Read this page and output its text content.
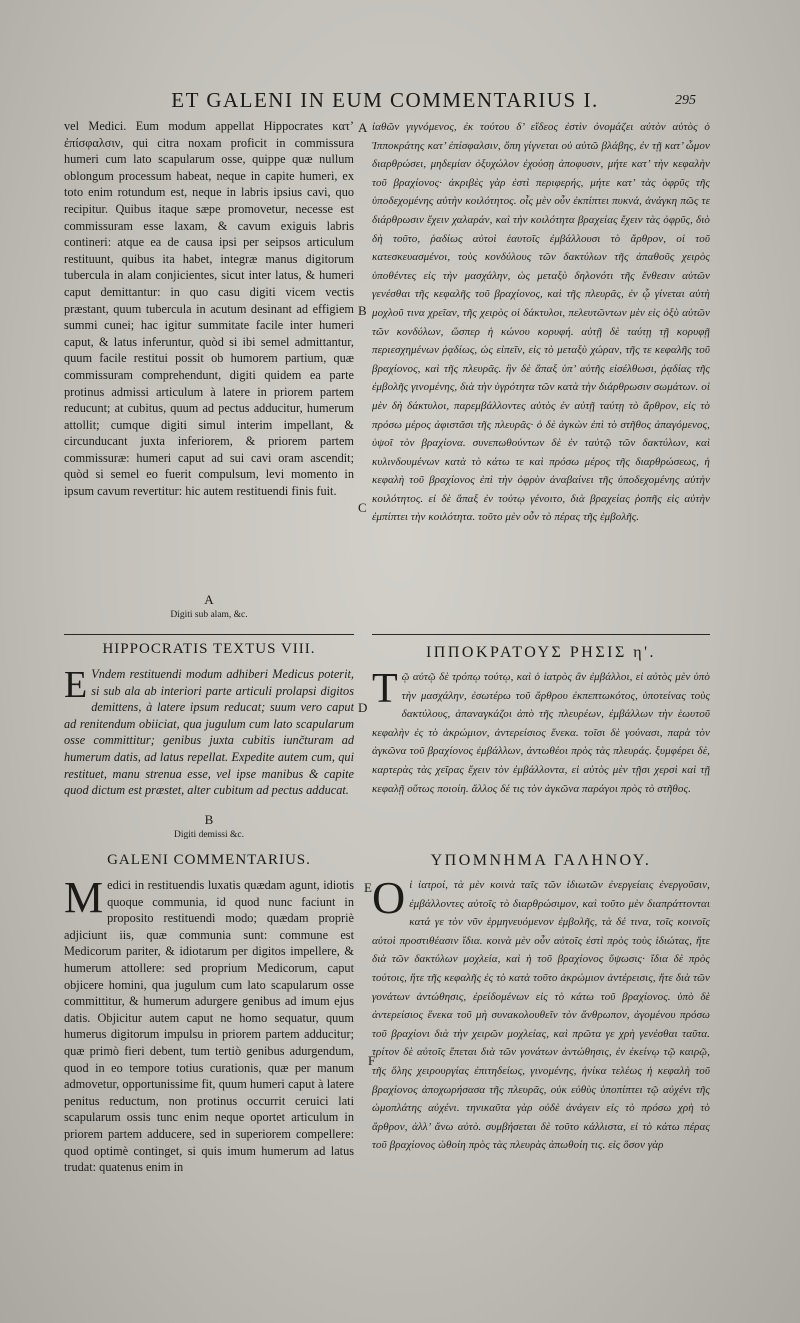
ET GALENI IN EUM COMMENTARIUS I.	295
A
B
C
D
E
F

vel Medici. Eum modum appellat Hippocrates κατ’ ἐπίσφαλσιν, qui citra noxam proficit in commissura humeri cum lato scapularum osse, quippe quæ nullum oblongum processum habeat, neque in capite humeri, ex toto enim rotundum est, neque in labris ipsius cavi, quo recipitur. Quibus itaque sæpe promovetur, necesse est commissuram esse laxam, & cavum exiguis labris contineri: atque ea de causa ipsi per seipsos articulum restituunt, quibus ita habet, integræ manus digitorum tubercula in alam conjicientes, sicut inter latus, & humeri caput demittantur: in quo casu digiti vicem vectis præstant, quum tubercula in acutum desinant ad effigiem summi cunei; hac igitur summitate facile inter humeri caput, & latus inferuntur, quòd si ibi semel admittantur, quum facile restitui possit ob humorem partium, quæ commissuram comprehendunt, digiti quidem ea parte protinus admissi articulum à latere in priorem partem reducunt; at cubitus, quum ad pectus adducitur, humerum attollit; cumque digiti simul interim impellant, & circunducant juxta inferiorem, & priorem partem commissuræ: humeri caput ad sui cavi oram ascendit; quòd si semel eo fuerit compulsum, levi momento in ipsum cavum revertitur: hic autem restituendi finis fuit.

A
Digiti sub alam, &c.
HIPPOCRATIS TEXTUS VIII.
E Vndem restituendi modum adhiberi Medicus poterit, si sub ala ab interiori parte articuli prolapsi digitos demittens, à latere ipsum reducat; suum vero caput ad renitendum obiiciat, qua jugulum cum lato scapularum osse committitur; genibus juxta cubitis iunčturam ad humerum datis, ad latus repellat. Expedite autem cum, qui restituet, manu strenua esse, vel ipse manibus & capite quod dictum est præstet, alter cubitum ad pectus adducat.

B
Digiti demissi &c.
GALENI COMMENTARIUS.
M edici in restituendis luxatis quædam agunt, idiotis quoque communia, id quod nunc faciunt in proposito restituendi modo; quædam propriè adjiciunt iis, quæ communia sunt: commune est Medicorum pariter, & idiotarum per digitos impellere, & humerum attollere: sed proprium Medicorum, caput objicere homini, qua jugulum cum lato scapularum osse committitur, & humerum adurgere genibus ad imum ejus datis. Objicitur autem caput ne homo sequatur, quum humerus digitorum impulsu in priorem partem adducitur; quæ primò fieri debent, tum tertiò genibus adurgendum, quod in eo tempore totius curationis, quæ per manum admovetur, opportunissime fit, quum humeri caput à latere penitus reductum, non protinus occurrit ceruici lati scapularum ossis tunc enim neque oportet articulum in priorem partem adducere, sed in superiorem compellere: quod optimè continget, si quis imum humerum ad latus trudat: quatenus enim in

ἰαθῶν γιγνόμενος, ἐκ τούτου δ’ εἴδεος ἐστὶν ὀνομάζει αὐτὸν αὐτὸς ὁ Ἱπποκράτης κατ’ ἐπίσφαλσιν, ὅπη γίγνεται οὐ αὐτῶ βλάβης, ἐν τῇ κατ’ ὦμον διαρθρώσει, μηδεμίαν ὀξυχώλον ἐχούσῃ ἀποφυσιν, μήτε κατ’ τὴν κεφαλὴν τοῦ βραχίονος· ἀκριβὲς γὰρ ἐστὶ περιφερής, μήτε κατ’ τὰς ὀφρῦς τῆς ὑποδεχομένης αὐτὴν κοιλότητος. οἷς μὲν οὖν ἐκπίπτει πυκνά, ἀνάγκη πῶς τε διάρθρωσιν ἔχειν χαλαράν, καὶ τὴν κοιλότητα βραχείας ἔχειν τὰς ὀφρῦς, διὸ δὴ τοῦτο, ῥαδίως αὐτοὶ ἑαυτοῖς ἐμβάλλουσι τὸ ἄρθρον, οἱ τοῦ κατεσκευασμένοι, τοὺς κονδύλους τῶν δακτύλων τῆς ἀπαθοῦς χειρὸς ὑποθέντες εἰς τὴν μασχάλην, ὡς μεταξὺ δηλονότι τῆς ἔνθεσιν αὐτῶν γενέσθαι τῆς κεφαλῆς τοῦ βραχίονος, καὶ τῆς πλευρᾶς, ἐν ᾧ γίνεται αὐτὴ μοχλοῦ τινα χρεῖαν, τῆς χειρὸς οἱ δάκτυλοι, πελευτῶντων μὲν εἰς ὀξὺ αὐτῶν τῶν κονδύλων, ὥσπερ ἡ κώνου κορυφή. αὐτῇ δὲ ταύτῃ τῇ κορυφῇ περιεσχημένων ῥᾳδίως, ὡς εἰπεῖν, εἰς τὸ μεταξὺ χώραν, τῆς τε κεφαλῆς τοῦ βραχίονος, καὶ τῆς πλευρᾶς. ἣν δὲ ἅπαξ ὑπ’ αὐτῆς εἰσέλθωσι, ῥᾳδίας τῆς ἐμβολῆς γινομένης, διὰ τὴν ὑγρότητα τῶν κατὰ τὴν διάρθρωσιν σωμάτων. οἱ μὲν δὴ δάκτυλοι, παρεμβάλλοντες αὐτὸς ἐν αὐτῇ ταύτῃ τὸ ἄρθρον, εἰς τὸ πρόσω μέρος ἀφιστᾶσι τῆς πλευρᾶς· ὁ δὲ ἀγκὼν ἐπὶ τὸ στῆθος ἀπαγόμενος, ὑψοῖ τὸν βραχίονα. συνεπωθούντων δὲ ἐν ταὐτῷ τῶν δακτύλων, καὶ κυλινδουμένων κατὰ τὸ κάτω τε καὶ πρόσω μέρος τῆς διαρθρώσεως, ἡ κεφαλὴ τοῦ βραχίονος ἐπὶ τὴν ὀφρὺν ἀναβαίνει τῆς ὑποδεχομένης αὐτὴν κοιλότητος. εἰ δὲ ἅπαξ ἐν τούτῳ γένοιτο, διὰ βραχείας ῥοπῆς εἰς αὐτὴν ἐμπίπτει τὴν κοιλότητα. τοῦτο μὲν οὖν τὸ πέρας τῆς ἐμβολῆς.

ΙΠΠΟΚΡΑΤΟΥΣ ΡΗΣΙΣ η'.
Τ ῷ αὐτῷ δὲ τρόπῳ τούτῳ, καὶ ὁ ἰατρὸς ἂν ἐμβάλλοι, εἰ αὐτὸς μὲν ὑπὸ τὴν μασχάλην, ἐσωτέρω τοῦ ἄρθρου ἐκπεπτωκότος, ὑποτείνας τοὺς δακτύλους, ἀπαναγκάζοι ἀπὸ τῆς πλευρέων, ἐμβάλλων τὴν ἑωυτοῦ κεφαλὴν ἐς τὸ ἀκρώμιον, ἀντερείσιος ἕνεκα. τοῖσι δὲ γούνασι, παρὰ τὸν ἀγκῶνα τοῦ βραχίονος ἐμβάλλων, ἀντωθέοι πρὸς τὰς πλευράς. ξυμφέρει δὲ, καρτερὰς τὰς χεῖρας ἔχειν τὸν ἐμβάλλοντα, εἰ αὐτὸς μὲν τῇσι χερσὶ καὶ τῇ κεφαλῇ οὕτως ποιοίη. ἄλλος δέ τις τὸν ἀγκῶνα παράγοι πρὸς τὸ στῆθος.

ΥΠΟΜΝΗΜΑ ΓΑΛΗΝΟΥ.
Ο ἱ ἰατροί, τὰ μὲν κοινὰ ταῖς τῶν ἰδιωτῶν ἐνεργείαις ἐνεργοῦσιν, ἐμβάλλοντες αὐτοῖς τὸ διαρθρώσιμον, καὶ τοῦτο μὲν διαπράττονται κατά γε τὸν νῦν ἑρμηνευόμενον ἐμβολῆς, τὰ δέ τινα, τοῖς κοινοῖς αὐτοὶ προστιθέασιν ἴδια. κοινὰ μὲν οὖν αὐτοῖς ἐστὶ πρὸς τοὺς ἰδιώτας, ἥτε διὰ τῶν δακτύλων μοχλεία, καὶ ἡ τοῦ βραχίονος ὕψωσις· ἴδια δὲ πρὸς τούτοις, ἥτε τῆς κεφαλῆς ἐς τὸ κατὰ τοῦτο ἀκρώμιον ἀντέρεισις, ἥτε διὰ τῶν γονάτων ἀντώθησις, ἐρείδομένων εἰς τὸ κάτω τοῦ βραχίονος. ὑπὸ δὲ ἀντερείσιος ἕνεκα τοῦ μὴ συνακολουθεῖν τὸν ἄνθρωπον, ἀγομένου πρόσω τοῦ βραχίονι διὰ τὴν χειρῶν μοχλείας, καὶ πρῶτα γε χρὴ γενέσθαι ταῦτα. τρίτον δὲ αὐτοῖς ἔπεται διὰ τῶν γονάτων ἀντώθησις, ἐν ἐκείνῳ τῷ καιρῷ, τῆς ὅλης χειρουργίας ἐπιτηδείως, γινομένης, ἡνίκα τελέως ἡ κεφαλὴ τοῦ βραχίονος ἀποχωρήσασα τῆς πλευρᾶς, οὐκ εὐθὺς ὑποπίπτει τῷ αὐχένι τῆς ὠμοπλάτης αὐχένι. τηνικαῦτα γὰρ οὐδὲ ἀνάγειν εἰς τὸ πρόσω χρὴ τὸ ἄρθρον, ἀλλ’ ἄνω αὐτὸ. συμβήσεται δὲ τοῦτο κάλλιστα, εἰ τὸ κάτω πέρας τοῦ βραχίονος ὠθοίη πρὸς τὰς πλευρὰς ἀπωθοίη τις. εἰς ὅσον γὰρ
